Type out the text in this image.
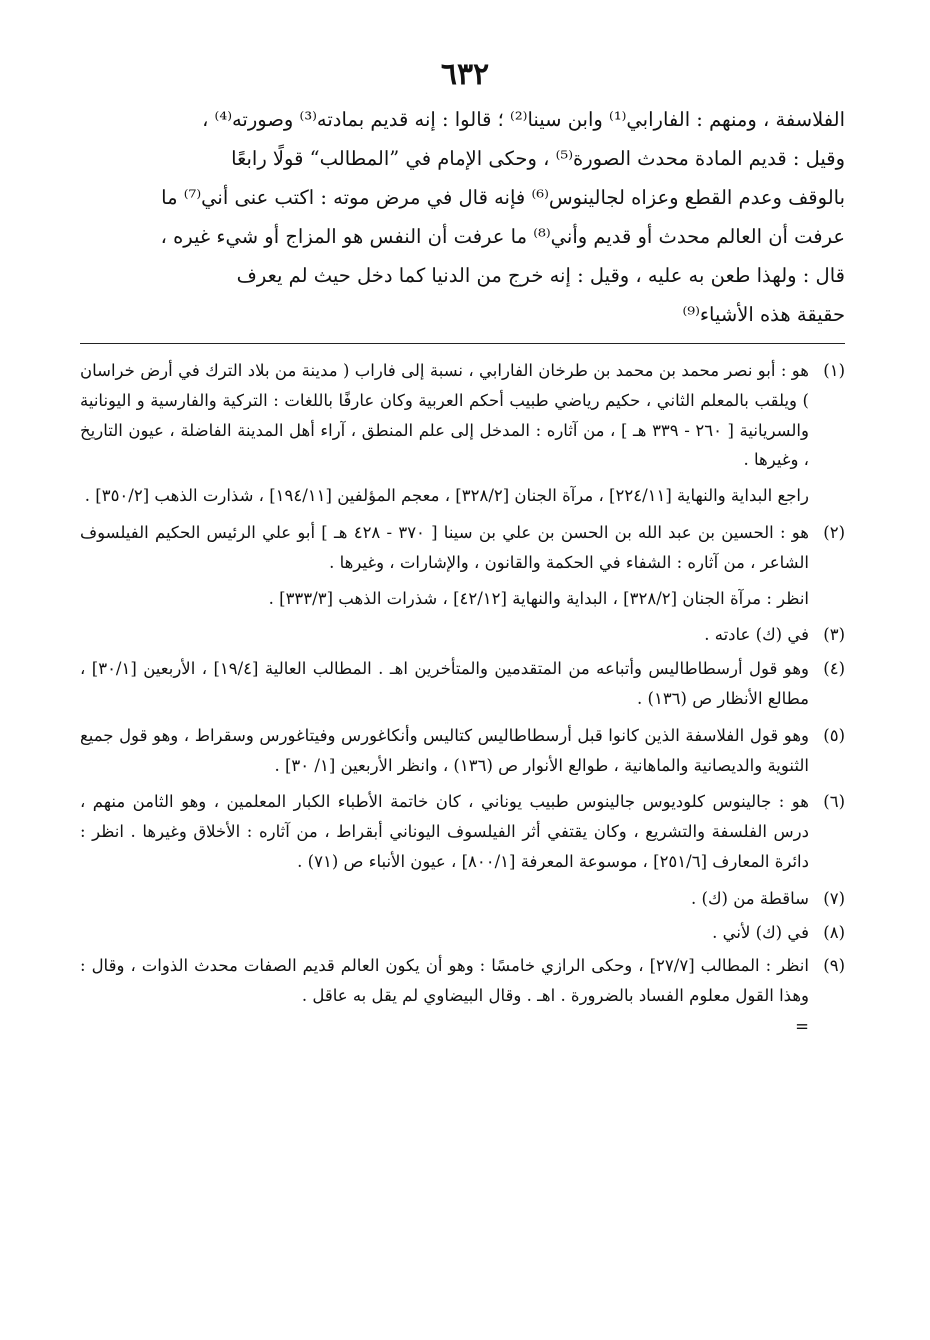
٦٣٢

الفلاسفة ، ومنهم : الفارابي⁽¹⁾ وابن سينا⁽²⁾ ؛ قالوا : إنه قديم بمادته⁽³⁾ وصورته⁽⁴⁾ ،

وقيل : قديم المادة محدث الصورة⁽⁵⁾ ، وحكى الإمام في ”المطالب“ قولًا رابعًا

بالوقف وعدم القطع وعزاه لجالينوس⁽⁶⁾ فإنه قال في مرض موته : اكتب عنى أني⁽⁷⁾ ما

عرفت أن العالم محدث أو قديم وأني⁽⁸⁾ ما عرفت أن النفس هو المزاج أو شيء غيره ،

قال : ولهذا طعن به عليه ، وقيل : إنه خرج من الدنيا كما دخل حيث لم يعرف

حقيقة هذه الأشياء⁽⁹⁾

(١)

هو : أبو نصر محمد بن محمد بن طرخان الفارابي ، نسبة إلى فاراب ( مدينة من بلاد الترك في أرض خراسان ) ويلقب بالمعلم الثاني ، حكيم رياضي طبيب أحكم العربية وكان عارفًا باللغات : التركية والفارسية و اليونانية والسريانية [ ٢٦٠ - ٣٣٩ هـ ] ، من آثاره : المدخل إلى علم المنطق ، آراء أهل المدينة الفاضلة ، عيون التاريخ ، وغيرها .

راجع البداية والنهاية [٢٢٤/١١] ، مرآة الجنان [٣٢٨/٢] ، معجم المؤلفين [١٩٤/١١] ، شذارت الذهب [٣٥٠/٢] .

(٢)

هو : الحسين بن عبد الله بن الحسن بن علي بن سينا [ ٣٧٠ - ٤٢٨ هـ ] أبو علي الرئيس الحكيم الفيلسوف الشاعر ، من آثاره : الشفاء في الحكمة والقانون ، والإشارات ، وغيرها .

انظر : مرآة الجنان [٣٢٨/٢] ، البداية والنهاية [٤٢/١٢] ، شذرات الذهب [٣٣٣/٣] .

(٣)

في (ك) عادته .

(٤)

وهو قول أرسطاطاليس وأتباعه من المتقدمين والمتأخرين اهـ . المطالب العالية [١٩/٤] ، الأربعين [٣٠/١] ، مطالع الأنظار ص (١٣٦) .

(٥)

وهو قول الفلاسفة الذين كانوا قبل أرسطاطاليس كتاليس وأنكاغورس وفيتاغورس وسقراط ، وهو قول جميع الثنوية والديصانية والماهانية ، طوالع الأنوار ص (١٣٦) ، وانظر الأربعين [١/ ٣٠] .

(٦)

هو : جالينوس كلوديوس جالينوس طبيب يوناني ، كان خاتمة الأطباء الكبار المعلمين ، وهو الثامن منهم ، درس الفلسفة والتشريع ، وكان يقتفي أثر الفيلسوف اليوناني أبقراط ، من آثاره : الأخلاق وغيرها . انظر : دائرة المعارف [٢٥١/٦] ، موسوعة المعرفة [٨٠٠/١] ، عيون الأنباء ص (٧١) .

(٧)

ساقطة من (ك) .

(٨)

في (ك) لأني .

(٩)

انظر : المطالب [٢٧/٧] ، وحكى الرازي خامسًا : وهو أن يكون العالم قديم الصفات محدث الذوات ، وقال : وهذا القول معلوم الفساد بالضرورة . اهـ . وقال البيضاوي لم يقل به عاقل .

=
